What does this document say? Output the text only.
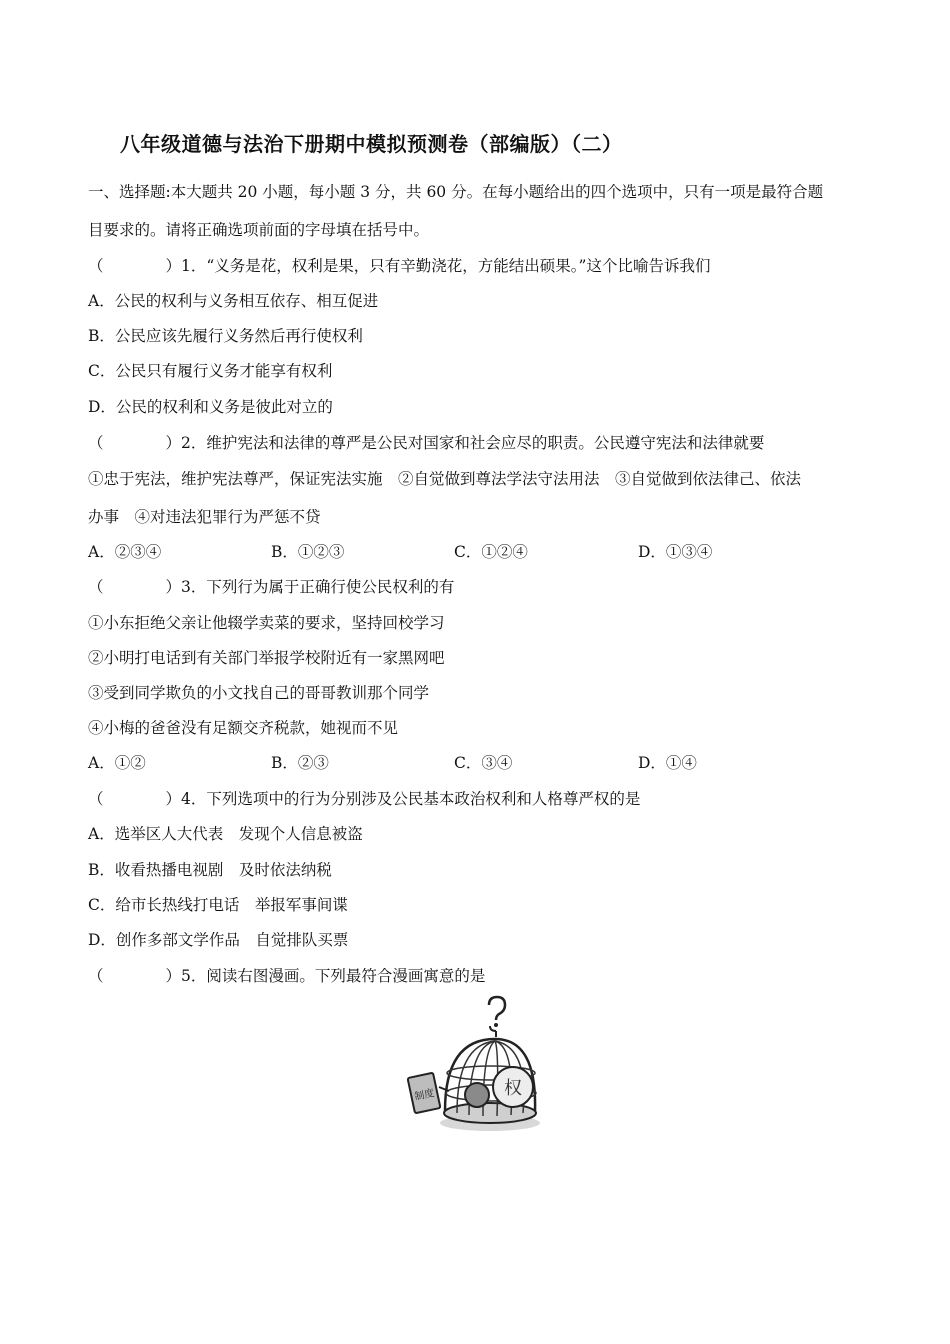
八年级道德与法治下册期中模拟预测卷（部编版）（二）
一、选择题:本大题共 20 小题，每小题 3 分，共 60 分。在每小题给出的四个选项中，只有一项是最符合题
目要求的。请将正确选项前面的字母填在括号中。
（　　　　）1．“义务是花，权利是果，只有辛勤浇花，方能结出硕果。”这个比喻告诉我们
A．公民的权利与义务相互依存、相互促进
B．公民应该先履行义务然后再行使权利
C．公民只有履行义务才能享有权利
D．公民的权利和义务是彼此对立的
（　　　　）2．维护宪法和法律的尊严是公民对国家和社会应尽的职责。公民遵守宪法和法律就要
①忠于宪法，维护宪法尊严，保证宪法实施　②自觉做到尊法学法守法用法　③自觉做到依法律己、依法
办事　④对违法犯罪行为严惩不贷
A．②③④	B．①②③	C．①②④	D．①③④
（　　　　）3．下列行为属于正确行使公民权利的有
①小东拒绝父亲让他辍学卖菜的要求，坚持回校学习
②小明打电话到有关部门举报学校附近有一家黑网吧
③受到同学欺负的小文找自己的哥哥教训那个同学
④小梅的爸爸没有足额交齐税款，她视而不见
A．①②	B．②③	C．③④	D．①④
（　　　　）4．下列选项中的行为分别涉及公民基本政治权利和人格尊严权的是
A．选举区人大代表　发现个人信息被盗
B．收看热播电视剧　及时依法纳税
C．给市长热线打电话　举报军事间谍
D．创作多部文学作品　自觉排队买票
（　　　　）5．阅读右图漫画。下列最符合漫画寓意的是
权
制度
